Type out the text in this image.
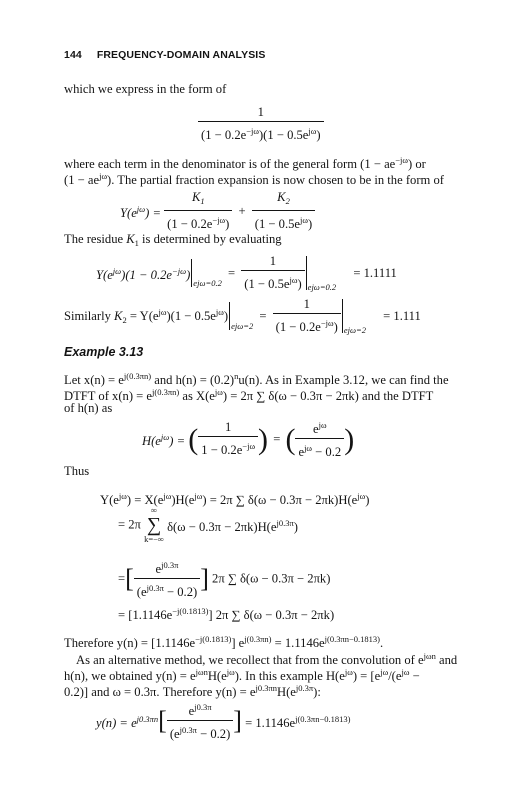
144 FREQUENCY-DOMAIN ANALYSIS
which we express in the form of
$\frac{1}{(1 - 0.2e^{-j\omega})(1 - 0.5e^{j\omega})}$
where each term in the denominator is of the general form $(1 - ae^{-j\omega})$ or
$(1 - ae^{j\omega})$. The partial fraction expansion is now chosen to be in the form of
$Y(e^{j\omega}) = \frac{K_1}{(1 - 0.2e^{-j\omega})} + \frac{K_2}{(1 - 0.5e^{j\omega})}$
The residue $K_1$ is determined by evaluating
$Y(e^{j\omega})(1 - 0.2e^{-j\omega})_{ej\omega=0.2} = \frac{1}{(1 - 0.5e^{j\omega})} _{ej\omega=0.2} = 1.1111$
Similarly $K_2 = Y(e^{j\omega})(1 - 0.5e^{j\omega})_{ej\omega=2} = \frac{1}{(1 - 0.2e^{-j\omega})} _{ej\omega=2} = 1.111$
Example 3.13
Let $x(n) = e^{j(0.3\pi n)}$ and $h(n) = (0.2)^nu(n)$. As in Example 3.12, we can find the
DTFT of $x(n) = e^{j(0.3\pi n)}$ as $X(e^{j\omega}) = 2\pi$ ∑ δ(ω − 0.3π − 2πk) and the DTFT
of h(n) as
$H(e^{j\omega})$ = ( $\frac{1}{1 - 0.2e^{-j\omega}}$ ) = ( $\frac{e^{j\omega}}{e^{j\omega} - 0.2}$ )
Thus
$Y(e^{j\omega}) = X(e^{j\omega})H(e^{j\omega}) = 2\pi$ ∑ $\delta(\omega - 0.3\pi - 2\pi k)H(e^{j\omega})$
= 2π
∞
∑
k=−∞
$\delta(\omega - 0.3\pi - 2\pi k)H(e^{j0.3\pi})$
=[ $\frac{e^{j0.3\pi}}{(e^{j0.3\pi} - 0.2)}$ ] 2π ∑ δ(ω − 0.3π − 2πk)
= $[1.1146e^{-j(0.1813)}]$ 2π ∑ δ(ω − 0.3π − 2πk)
Therefore $y(n) = [1.1146e^{-j(0.1813)}] e^{j(0.3\pi n)} = 1.1146e^{j(0.3\pi n-0.1813)}$.
As an alternative method, we recollect that from the convolution of $e^{j\omega n}$ and
h(n), we obtained $y(n) = e^{j\omega n}H(e^{j\omega})$. In this example $H(e^{j\omega}) = [e^{j\omega}/(e^{j\omega}$ −
0.2)] and ω = 0.3π. Therefore $y(n) = e^{j0.3\pi n}H(e^{j0.3\pi})$:
$y(n) = e^{j0.3\pi n}[ \frac{e^{j0.3\pi}}{(e^{j0.3\pi} - 0.2)}$ ] = $1.1146e^{j(0.3\pi n-0.1813)}$
